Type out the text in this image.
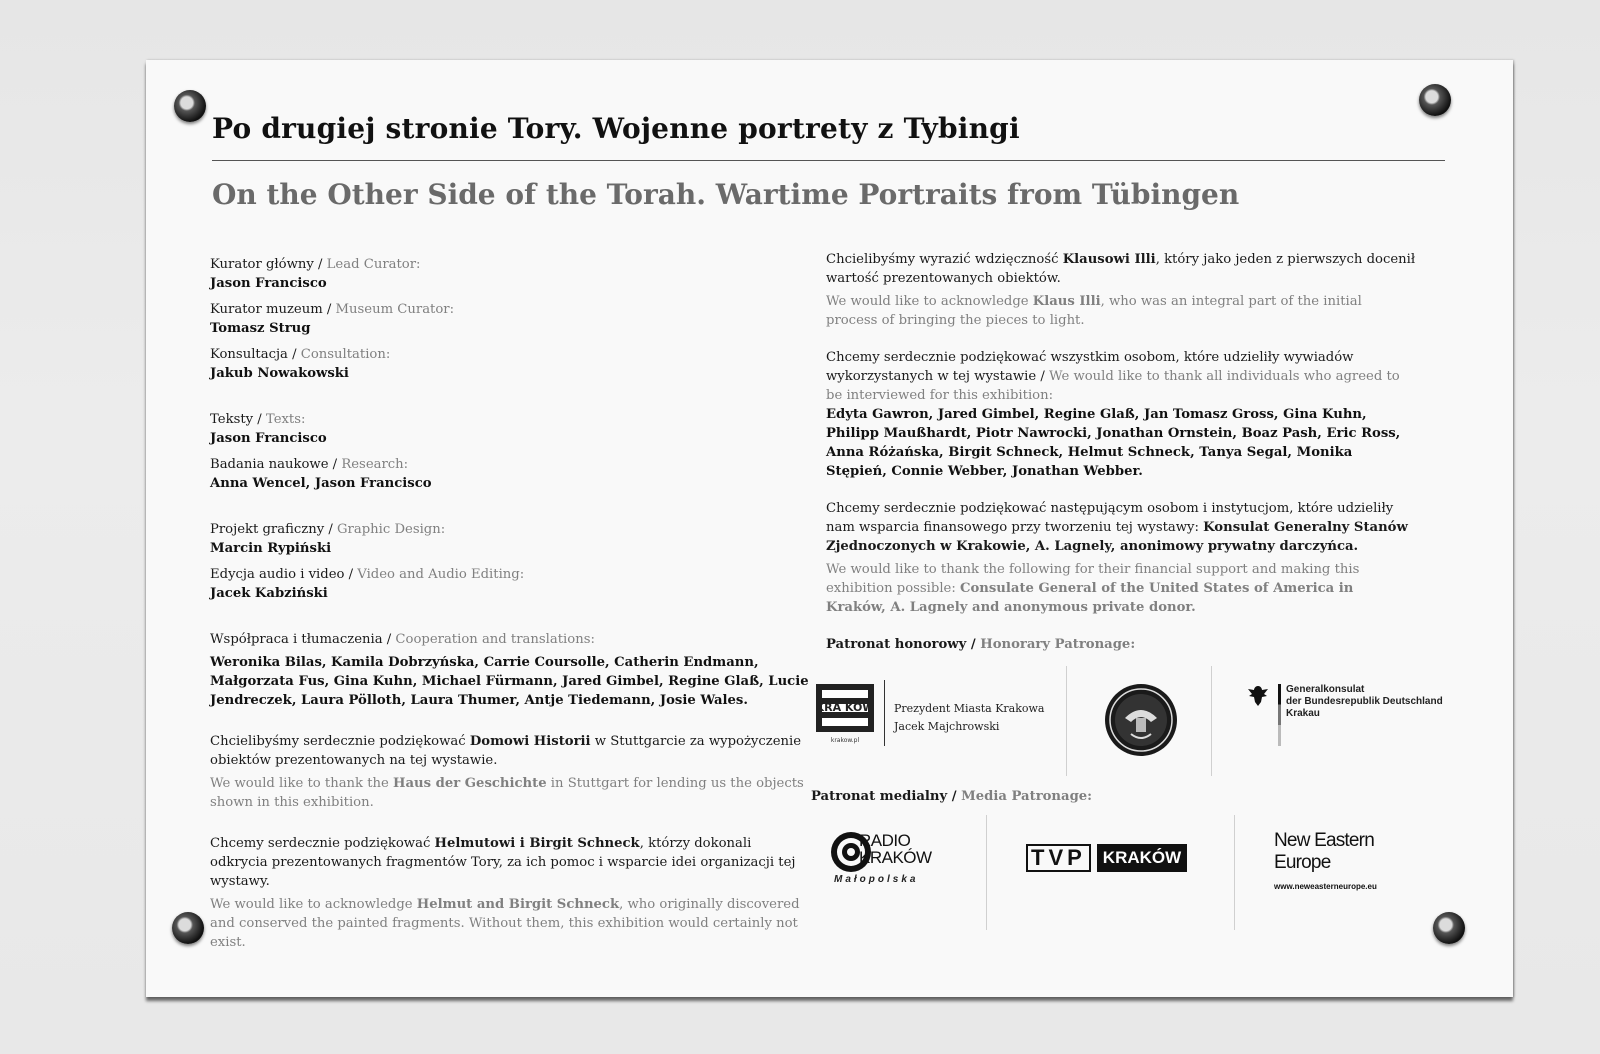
Po drugiej stronie Tory. Wojenne portrety z Tybingi
On the Other Side of the Torah. Wartime Portraits from Tübingen
Kurator główny / Lead Curator:
Jason Francisco
Kurator muzeum / Museum Curator:
Tomasz Strug
Konsultacja / Consultation:
Jakub Nowakowski
Teksty / Texts:
Jason Francisco
Badania naukowe / Research:
Anna Wencel, Jason Francisco
Projekt graficzny / Graphic Design:
Marcin Rypiński
Edycja audio i video / Video and Audio Editing:
Jacek Kabziński
Współpraca i tłumaczenia / Cooperation and translations:
Weronika Bilas, Kamila Dobrzyńska, Carrie Coursolle, Catherin Endmann, Małgorzata Fus, Gina Kuhn, Michael Fürmann, Jared Gimbel, Regine Glaß, Lucie Jendreczek, Laura Pölloth, Laura Thumer, Antje Tiedemann, Josie Wales.

Chcielibyśmy serdecznie podziękować Domowi Historii w Stuttgarcie za wypożyczenie obiektów prezentowanych na tej wystawie.

We would like to thank the Haus der Geschichte in Stuttgart for lending us the objects shown in this exhibition.

Chcemy serdecznie podziękować Helmutowi i Birgit Schneck, którzy dokonali odkrycia prezentowanych fragmentów Tory, za ich pomoc i wsparcie idei organizacji tej wystawy.

We would like to acknowledge Helmut and Birgit Schneck, who originally discovered and conserved the painted fragments. Without them, this exhibition would certainly not exist.

Chcielibyśmy wyrazić wdzięczność Klausowi Illi, który jako jeden z pierwszych docenił wartość prezentowanych obiektów.

We would like to acknowledge Klaus Illi, who was an integral part of the initial process of bringing the pieces to light.

Chcemy serdecznie podziękować wszystkim osobom, które udzieliły wywiadów wykorzystanych w tej wystawie / We would like to thank all individuals who agreed to be interviewed for this exhibition:

Edyta Gawron, Jared Gimbel, Regine Glaß, Jan Tomasz Gross, Gina Kuhn, Philipp Maußhardt, Piotr Nawrocki, Jonathan Ornstein, Boaz Pash, Eric Ross, Anna Różańska, Birgit Schneck, Helmut Schneck, Tanya Segal, Monika Stępień, Connie Webber, Jonathan Webber.

Chcemy serdecznie podziękować następującym osobom i instytucjom, które udzieliły nam wsparcia finansowego przy tworzeniu tej wystawy: Konsulat Generalny Stanów Zjednoczonych w Krakowie, A. Lagnely, anonimowy prywatny darczyńca.

We would like to thank the following for their financial support and making this exhibition possible: Consulate General of the United States of America in Kraków, A. Lagnely and anonymous private donor.

Patronat honorowy / Honorary Patronage:
KRA KÓW
krakow.pl
Prezydent Miasta Krakowa
Jacek Majchrowski
Generalkonsulat
der Bundesrepublik Deutschland
Krakau
Patronat medialny / Media Patronage:
RADIO
KRAKÓW
Małopolska
TVP KRAKÓW
New Eastern Europe
www.neweasterneurope.eu
